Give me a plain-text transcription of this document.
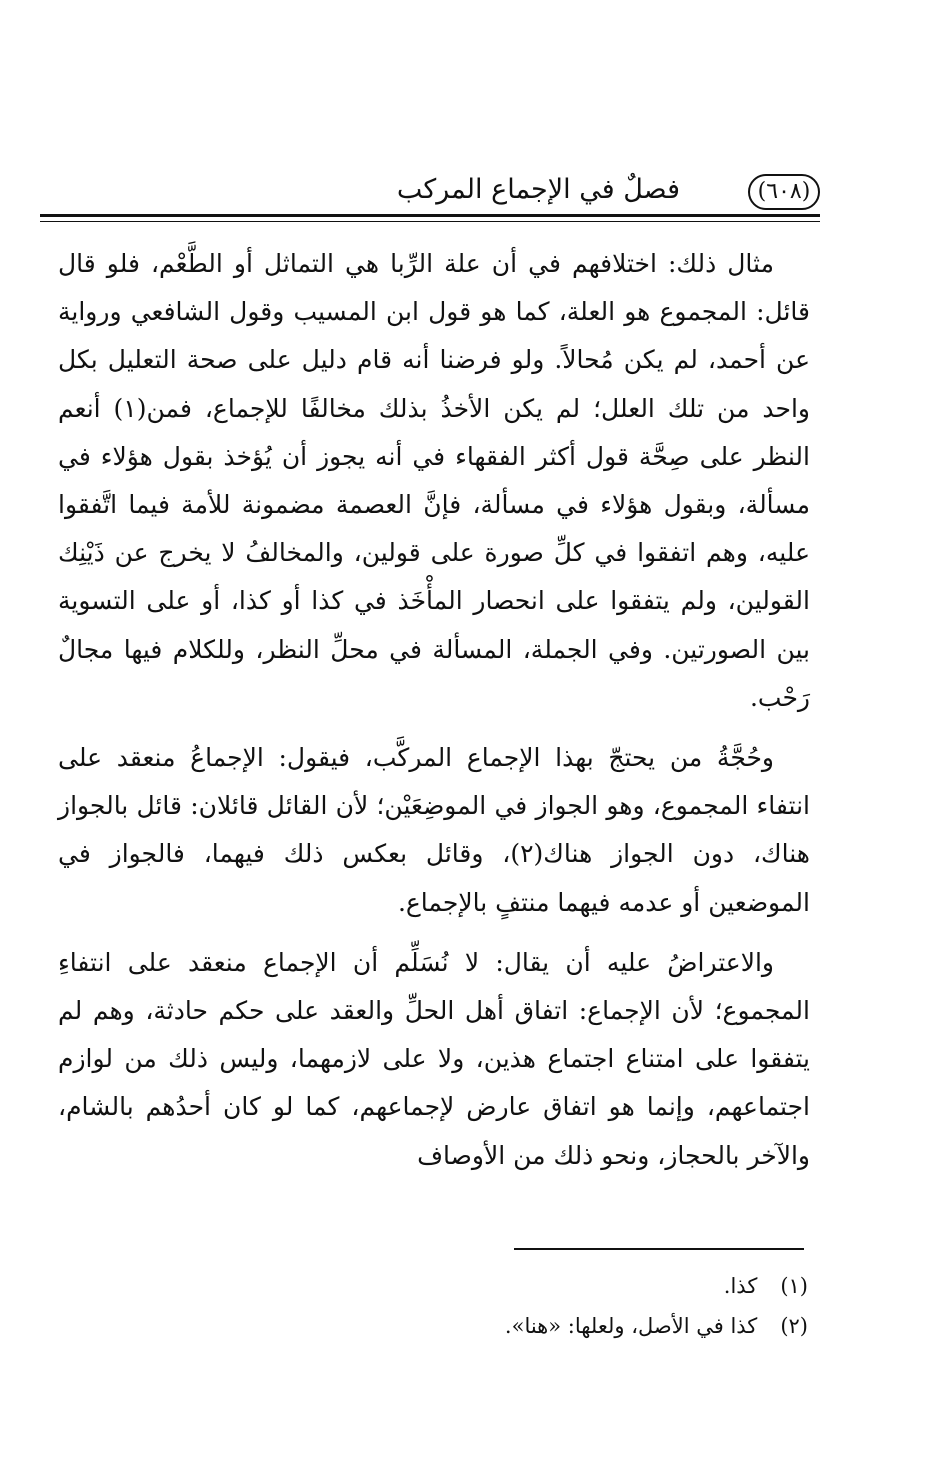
(٦٠٨)
فصلٌ في الإجماع المركب

مثال ذلك: اختلافهم في أن علة الرِّبا هي التماثل أو الطَّعْم، فلو قال قائل: المجموع هو العلة، كما هو قول ابن المسيب وقول الشافعي ورواية عن أحمد، لم يكن مُحالاً. ولو فرضنا أنه قام دليل على صحة التعليل بكل واحد من تلك العلل؛ لم يكن الأخذُ بذلك مخالفًا للإجماع، فمن(١) أنعم النظر على صِحَّة قول أكثر الفقهاء في أنه يجوز أن يُؤخذ بقول هؤلاء في مسألة، وبقول هؤلاء في مسألة، فإنَّ العصمة مضمونة للأمة فيما اتَّفقوا عليه، وهم اتفقوا في كلِّ صورة على قولين، والمخالفُ لا يخرج عن ذَيْنِك القولين، ولم يتفقوا على انحصار المأْخَذ في كذا أو كذا، أو على التسوية بين الصورتين. وفي الجملة، المسألة في محلِّ النظر، وللكلام فيها مجالٌ رَحْب.

وحُجَّةُ من يحتجّ بهذا الإجماع المركَّب، فيقول: الإجماعُ منعقد على انتفاء المجموع، وهو الجواز في الموضِعَيْن؛ لأن القائل قائلان: قائل بالجواز هناك، دون الجواز هناك(٢)، وقائل بعكس ذلك فيهما، فالجواز في الموضعين أو عدمه فيهما منتفٍ بالإجماع.

والاعتراضُ عليه أن يقال: لا نُسَلِّم أن الإجماع منعقد على انتفاءِ المجموع؛ لأن الإجماع: اتفاق أهل الحلِّ والعقد على حكم حادثة، وهم لم يتفقوا على امتناع اجتماع هذين، ولا على لازمهما، وليس ذلك من لوازم اجتماعهم، وإنما هو اتفاق عارض لإجماعهم، كما لو كان أحدُهم بالشام، والآخر بالحجاز، ونحو ذلك من الأوصاف

(١) كذا.
(٢) كذا في الأصل، ولعلها: «هنا».
